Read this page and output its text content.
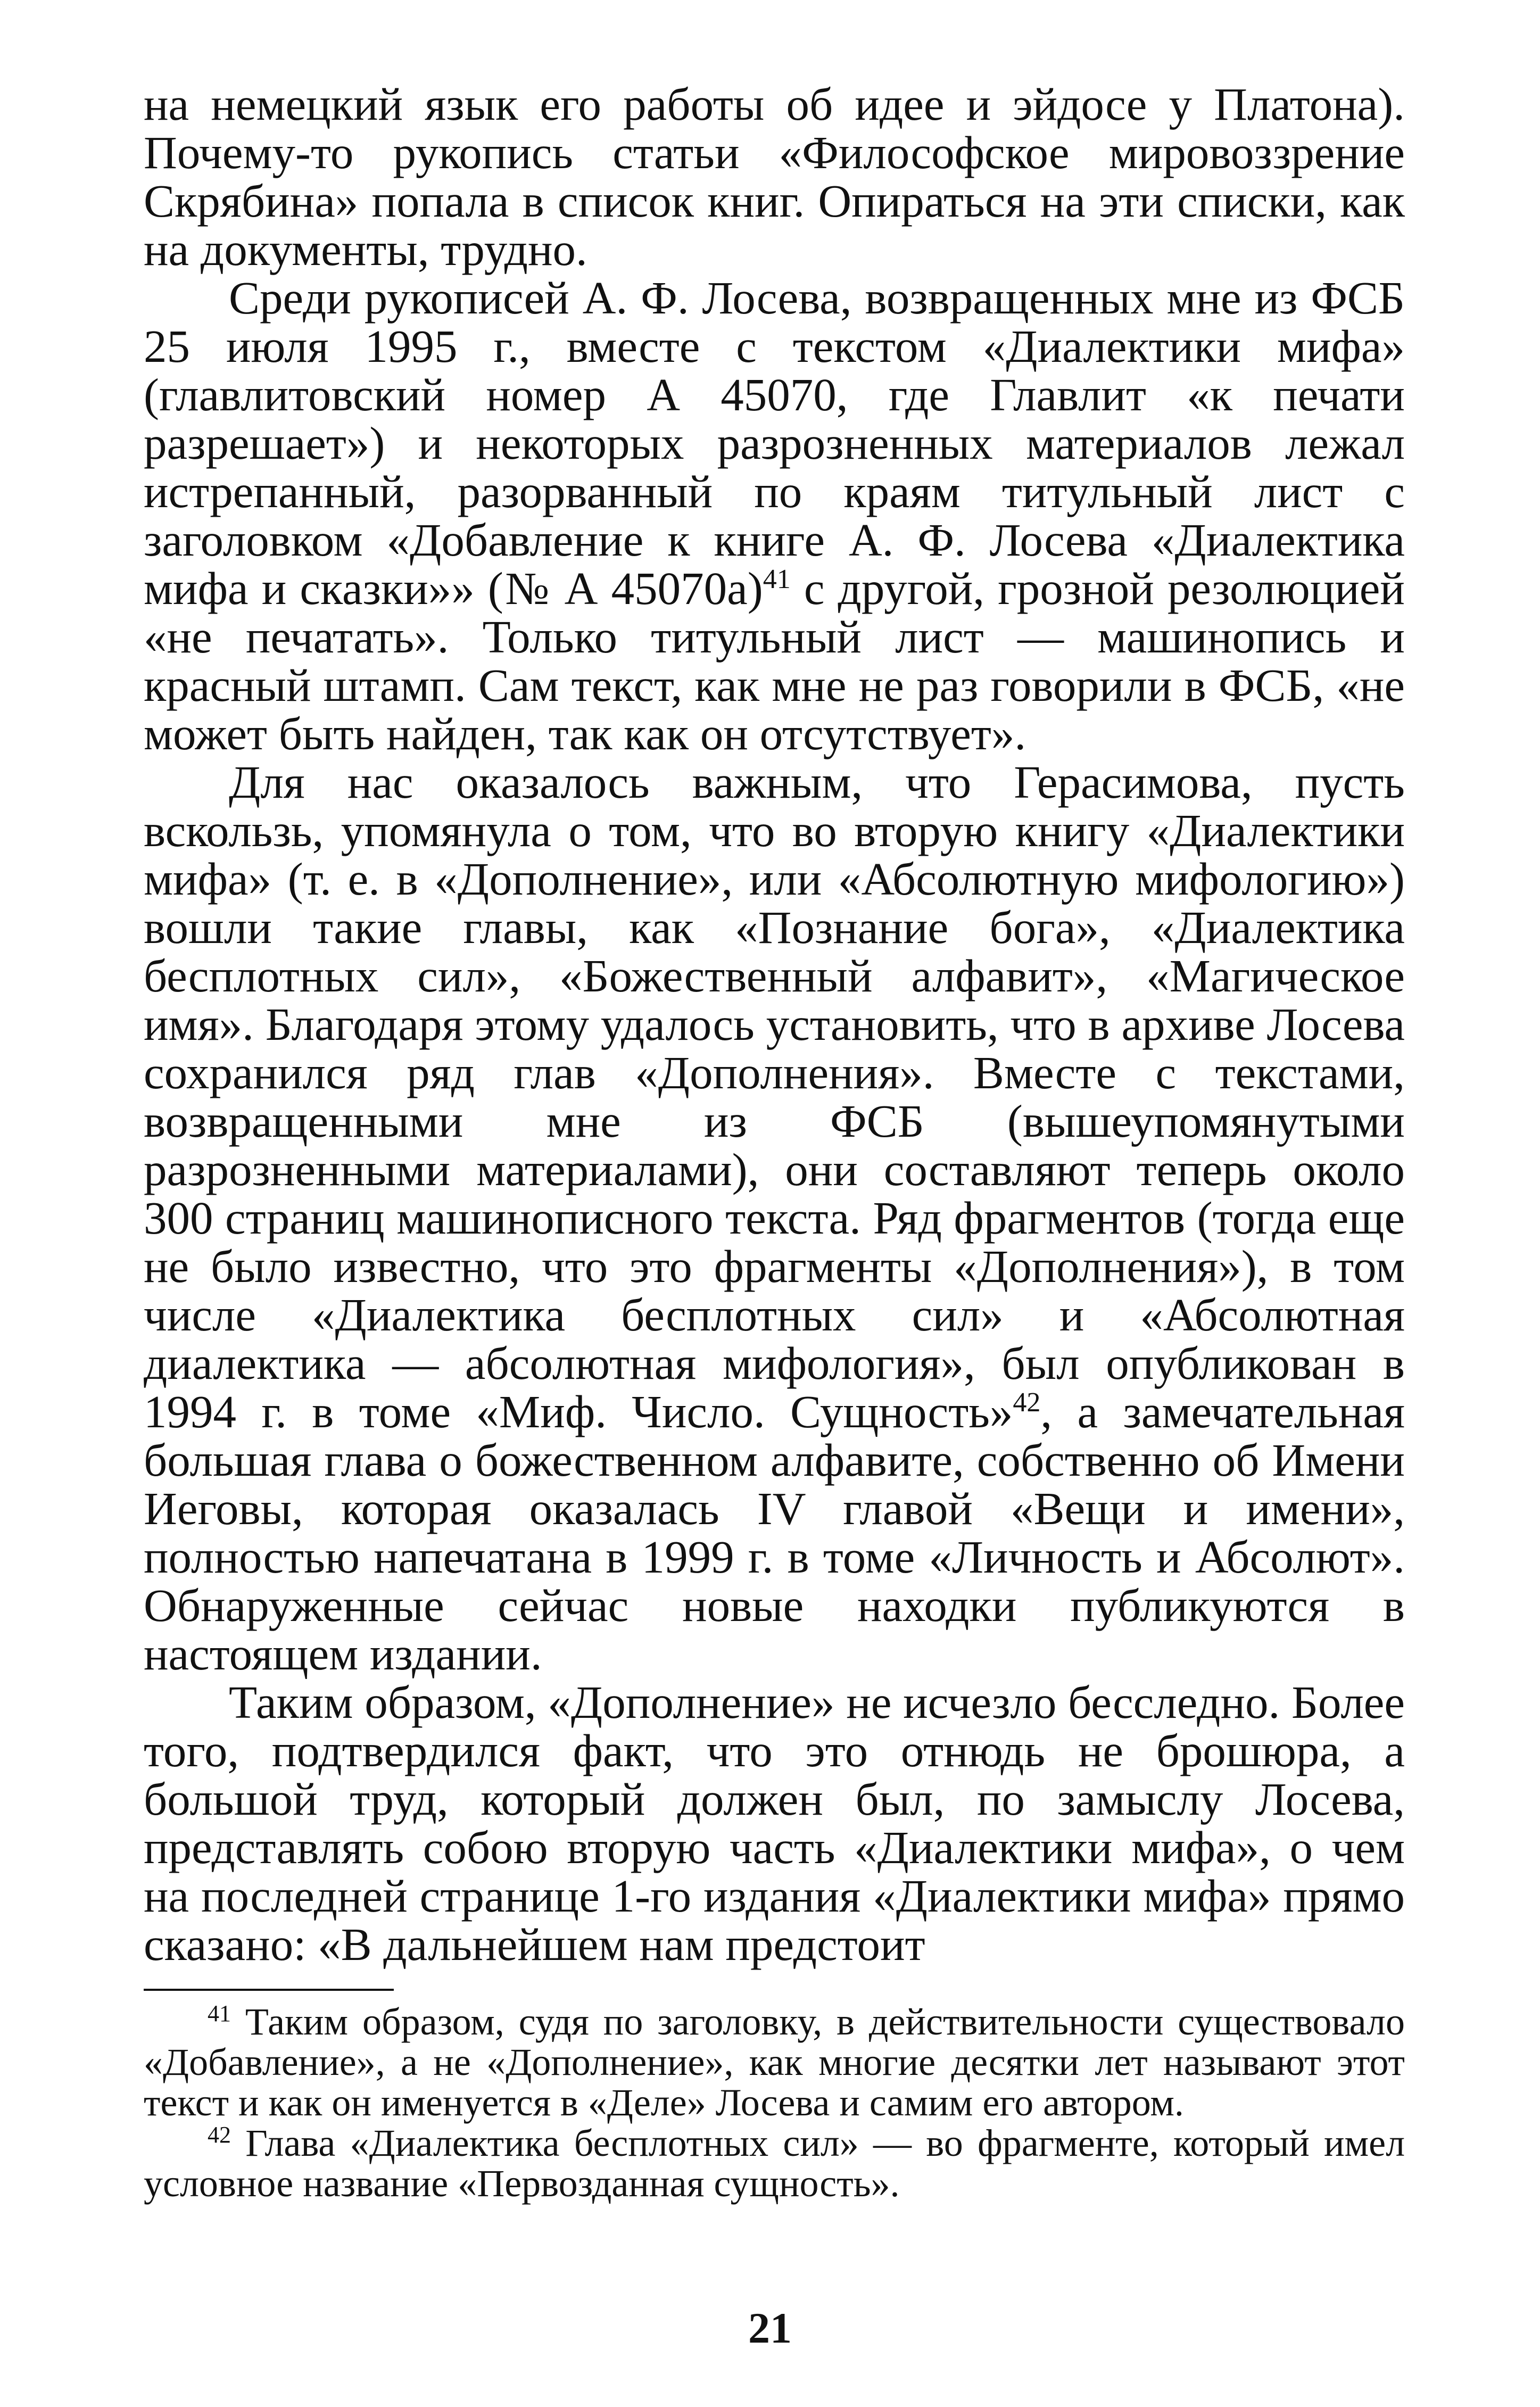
на немецкий язык его работы об идее и эйдосе у Платона). Почему-то рукопись статьи «Философское мировоззрение Скрябина» попала в список книг. Опираться на эти списки, как на документы, трудно.

Среди рукописей А. Ф. Лосева, возвращенных мне из ФСБ 25 июля 1995 г., вместе с текстом «Диалектики мифа» (главлитовский номер А 45070, где Главлит «к печати разрешает») и некоторых разрозненных материалов лежал истрепанный, разорванный по краям титульный лист с заголовком «Добавление к книге А. Ф. Лосева «Диалектика мифа и сказки»» (№ А 45070а)$^{41}$ с другой, грозной резолюцией «не печатать». Только титульный лист — машинопись и красный штамп. Сам текст, как мне не раз говорили в ФСБ, «не может быть найден, так как он отсутствует».

Для нас оказалось важным, что Герасимова, пусть вскользь, упомянула о том, что во вторую книгу «Диалектики мифа» (т. е. в «Дополнение», или «Абсолютную мифологию») вошли такие главы, как «Познание бога», «Диалектика бесплотных сил», «Божественный алфавит», «Магическое имя». Благодаря этому удалось установить, что в архиве Лосева сохранился ряд глав «Дополнения». Вместе с текстами, возвращенными мне из ФСБ (вышеупомянутыми разрозненными материалами), они составляют теперь около 300 страниц машинописного текста. Ряд фрагментов (тогда еще не было известно, что это фрагменты «Дополнения»), в том числе «Диалектика бесплотных сил» и «Абсолютная диалектика — абсолютная мифология», был опубликован в 1994 г. в томе «Миф. Число. Сущность»$^{42}$, а замечательная большая глава о божественном алфавите, собственно об Имени Иеговы, которая оказалась IV главой «Вещи и имени», полностью напечатана в 1999 г. в томе «Личность и Абсолют». Обнаруженные сейчас новые находки публикуются в настоящем издании.

Таким образом, «Дополнение» не исчезло бесследно. Более того, подтвердился факт, что это отнюдь не брошюра, а большой труд, который должен был, по замыслу Лосева, представлять собою вторую часть «Диалектики мифа», о чем на последней странице 1-го издания «Диалектики мифа» прямо сказано: «В дальнейшем нам предстоит

$^{41}$ Таким образом, судя по заголовку, в действительности существовало «Добавление», а не «Дополнение», как многие десятки лет называют этот текст и как он именуется в «Деле» Лосева и самим его автором.

$^{42}$ Глава «Диалектика бесплотных сил» — во фрагменте, который имел условное название «Первозданная сущность».

21
